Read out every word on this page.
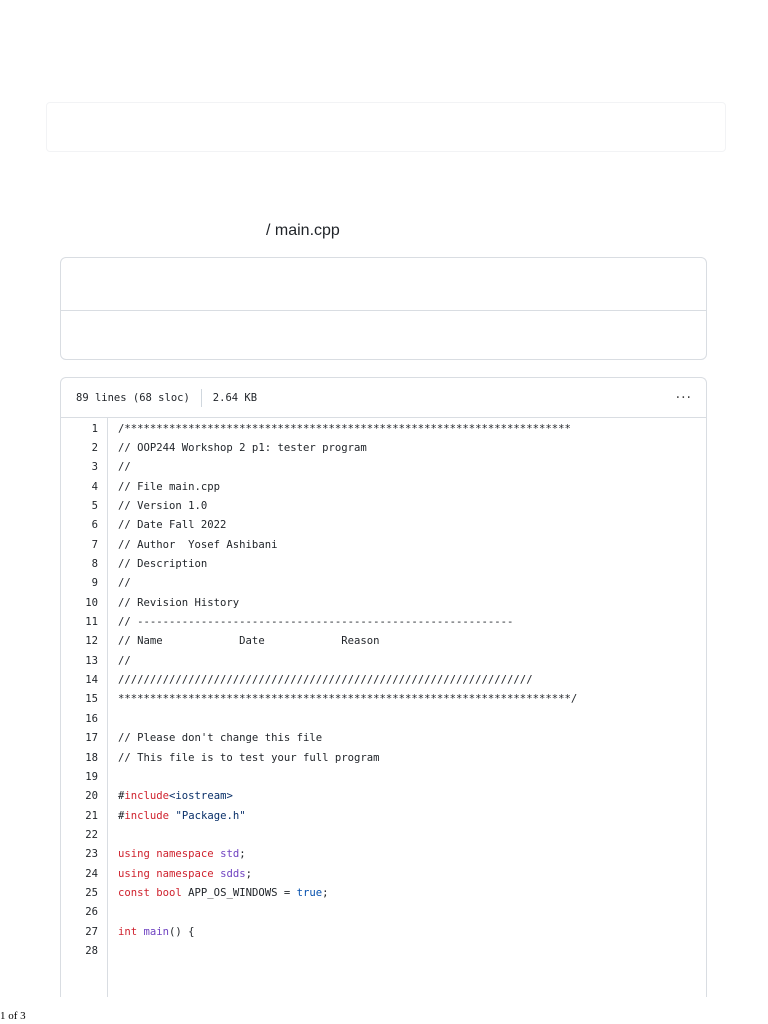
/ main.cpp
89 lines (68 sloc) 2.64 KB	···
1	/**********************************************************************
2	// OOP244 Workshop 2 p1: tester program
3	//
4	// File main.cpp
5	// Version 1.0
6	// Date Fall 2022
7	// Author  Yosef Ashibani
8	// Description
9	//
10	// Revision History
11	// -----------------------------------------------------------
12	// Name            Date            Reason
13	//
14	/////////////////////////////////////////////////////////////////
15	***********************************************************************/
16
17	// Please don't change this file
18	// This file is to test your full program
19
20	#include<iostream>
21	#include "Package.h"
22
23	using namespace std;
24	using namespace sdds;
25	const bool APP_OS_WINDOWS = true;
26
27	int main() {
28
1 of 3
